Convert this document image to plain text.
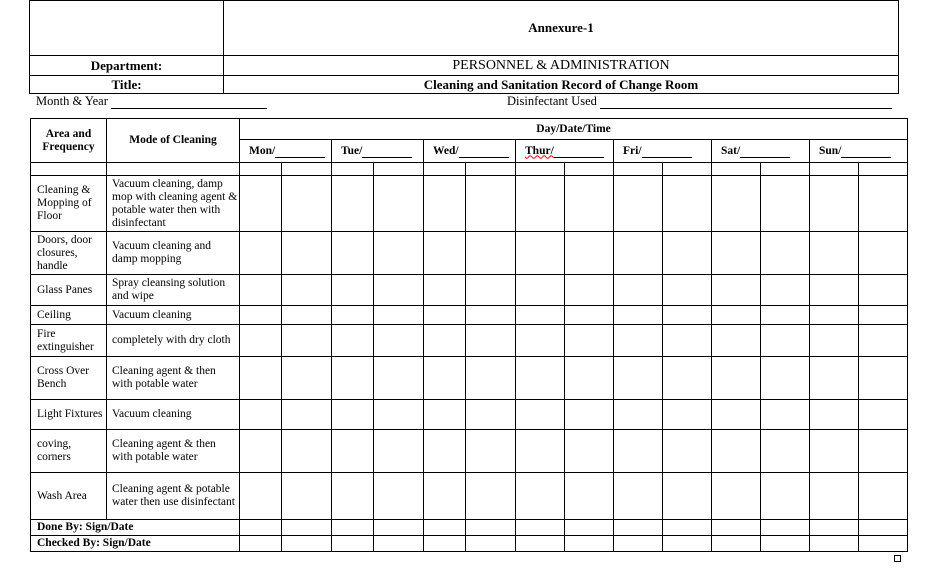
	Annexure-1
Department:	PERSONNEL & ADMINISTRATION
Title:	Cleaning and Sanitation Record of Change Room
Month & Year	Disinfectant Used
Area and Frequency	Mode of Cleaning	Day/Date/Time													
		Mon/		Tue/		Wed/		Thur/		Fri/		Sat/		Sun/	

Cleaning & Mopping of Floor	Vacuum cleaning, damp mop with cleaning agent & potable water then with disinfectant														
Doors, door closures, handle	Vacuum cleaning and damp mopping														
Glass Panes	Spray cleansing solution and wipe														
Ceiling	Vacuum cleaning														
Fire extinguisher	completely with dry cloth														
Cross Over Bench	Cleaning agent & then with potable water														
Light Fixtures	Vacuum cleaning														
coving, corners	Cleaning agent & then with potable water														
Wash Area	Cleaning agent & potable water then use disinfectant														
Done By: Sign/Date															
Checked By: Sign/Date															
